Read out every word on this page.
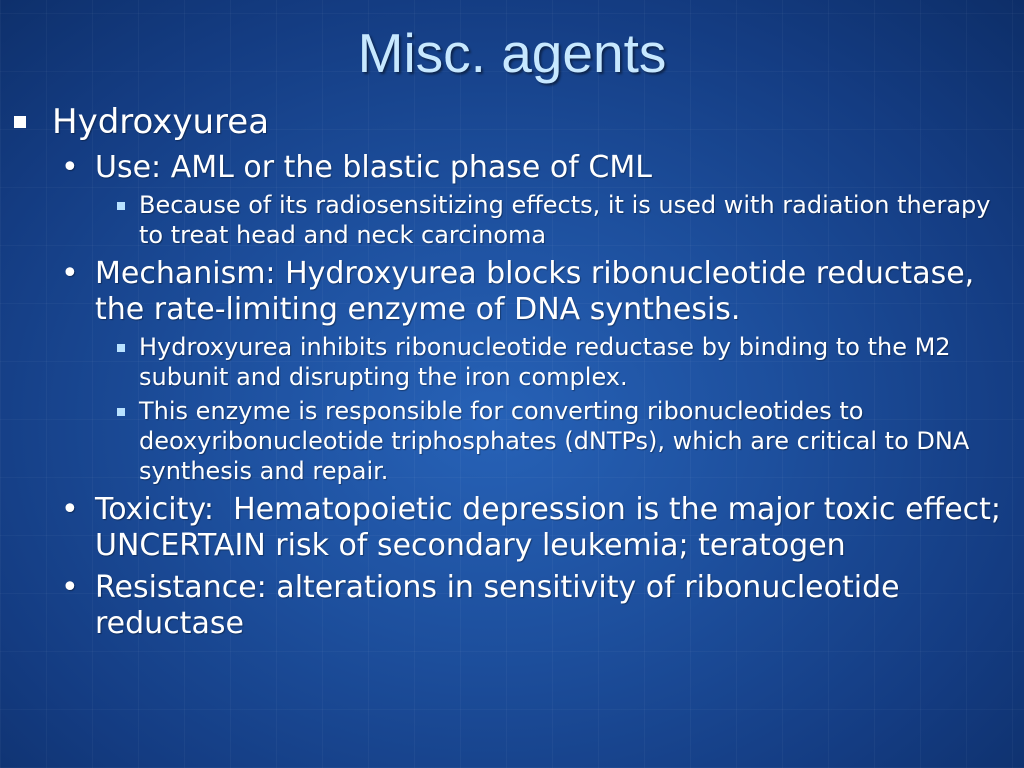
Misc. agents
Hydroxyurea
• Use: AML or the blastic phase of CML
Because of its radiosensitizing effects, it is used with radiation therapy to treat head and neck carcinoma
• Mechanism: Hydroxyurea blocks ribonucleotide reductase, the rate-limiting enzyme of DNA synthesis.
Hydroxyurea inhibits ribonucleotide reductase by binding to the M2 subunit and disrupting the iron complex.
This enzyme is responsible for converting ribonucleotides to deoxyribonucleotide triphosphates (dNTPs), which are critical to DNA synthesis and repair.
• Toxicity:  Hematopoietic depression is the major toxic effect; UNCERTAIN risk of secondary leukemia; teratogen
• Resistance: alterations in sensitivity of ribonucleotide reductase
